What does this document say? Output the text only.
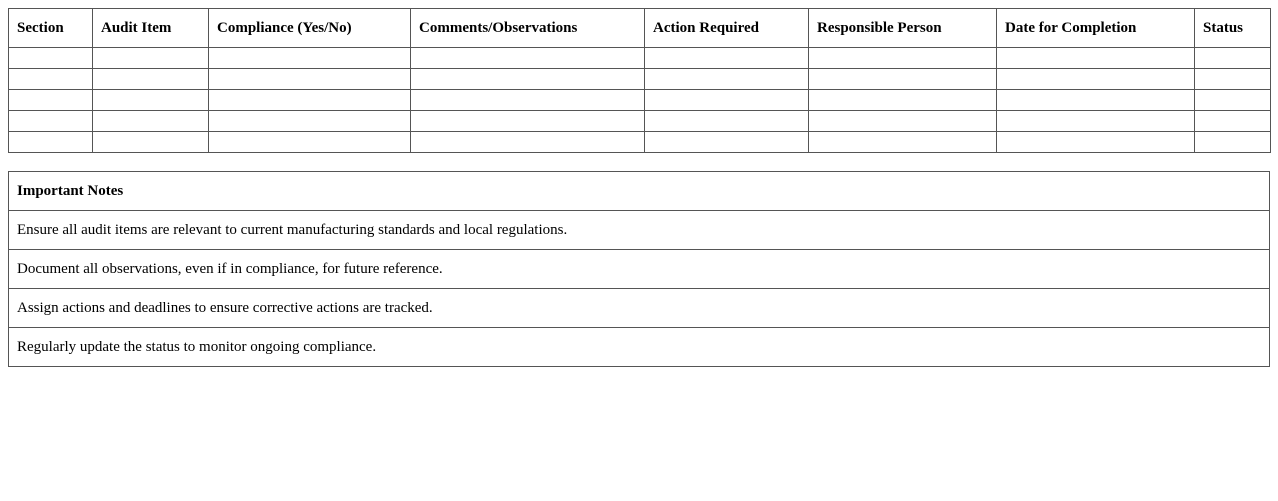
Section	Audit Item	Compliance (Yes/No)	Comments/Observations	Action Required	Responsible Person	Date for Completion	Status

Important Notes
Ensure all audit items are relevant to current manufacturing standards and local regulations.
Document all observations, even if in compliance, for future reference.
Assign actions and deadlines to ensure corrective actions are tracked.
Regularly update the status to monitor ongoing compliance.
